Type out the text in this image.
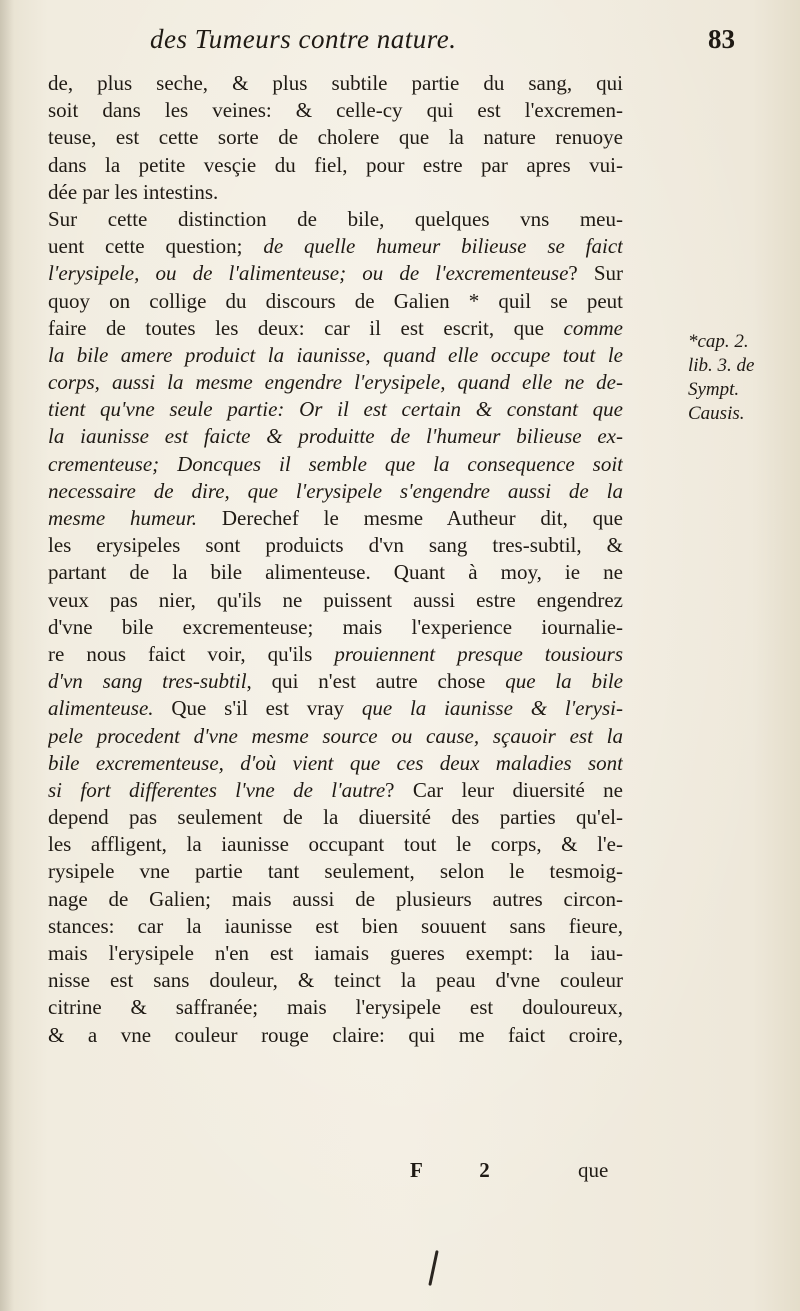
des Tumeurs contre nature.	83
de, plus seche, & plus subtile partie du sang, qui
soit dans les veines: & celle-cy qui est l'excremen-
teuse, est cette sorte de cholere que la nature renuoye
dans la petite vesçie du fiel, pour estre par apres vui-
dée par les intestins.
Sur cette distinction de bile, quelques vns meu-
uent cette question; de quelle humeur bilieuse se faict
l'erysipele, ou de l'alimenteuse; ou de l'excrementeuse? Sur
quoy on collige du discours de Galien * quil se peut
faire de toutes les deux: car il est escrit, que comme
la bile amere produict la iaunisse, quand elle occupe tout le
corps, aussi la mesme engendre l'erysipele, quand elle ne de-
tient qu'vne seule partie: Or il est certain & constant que
la iaunisse est faicte & produitte de l'humeur bilieuse ex-
crementeuse; Doncques il semble que la consequence soit
necessaire de dire, que l'erysipele s'engendre aussi de la
mesme humeur. Derechef le mesme Autheur dit, que
les erysipeles sont produicts d'vn sang tres-subtil, &
partant de la bile alimenteuse. Quant à moy, ie ne
veux pas nier, qu'ils ne puissent aussi estre engendrez
d'vne bile excrementeuse; mais l'experience iournalie-
re nous faict voir, qu'ils prouiennent presque tousiours
d'vn sang tres-subtil, qui n'est autre chose que la bile
alimenteuse. Que s'il est vray que la iaunisse & l'erysi-
pele procedent d'vne mesme source ou cause, sçauoir est la
bile excrementeuse, d'où vient que ces deux maladies sont
si fort differentes l'vne de l'autre? Car leur diuersité ne
depend pas seulement de la diuersité des parties qu'el-
les affligent, la iaunisse occupant tout le corps, & l'e-
rysipele vne partie tant seulement, selon le tesmoig-
nage de Galien; mais aussi de plusieurs autres circon-
stances: car la iaunisse est bien souuent sans fieure,
mais l'erysipele n'en est iamais gueres exempt: la iau-
nisse est sans douleur, & teinct la peau d'vne couleur
citrine & saffranée; mais l'erysipele est douloureux,
& a vne couleur rouge claire: qui me faict croire,
*cap. 2.
lib. 3. de
Sympt.
Causis.
F 2	que
